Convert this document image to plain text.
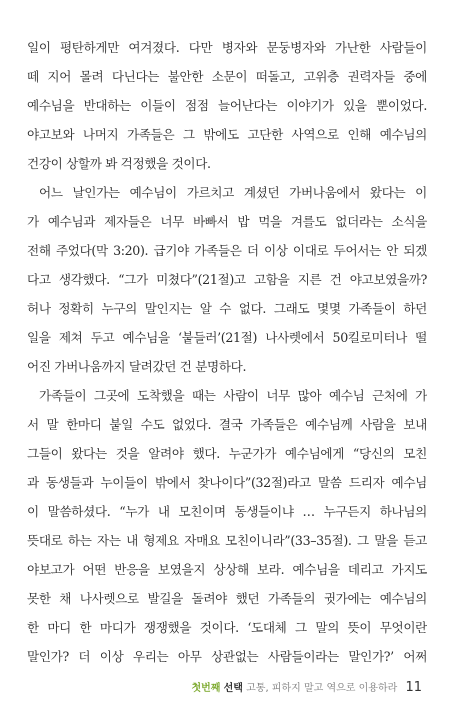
일이 평탄하게만 여겨졌다. 다만 병자와 문둥병자와 가난한 사람들이
떼 지어 몰려 다닌다는 불안한 소문이 떠돌고, 고위층 권력자들 중에
예수님을 반대하는 이들이 점점 늘어난다는 이야기가 있을 뿐이었다.
야고보와 나머지 가족들은 그 밖에도 고단한 사역으로 인해 예수님의
건강이 상할까 봐 걱정했을 것이다.
어느 날인가는 예수님이 가르치고 계셨던 가버나움에서 왔다는 이
가 예수님과 제자들은 너무 바빠서 밥 먹을 겨를도 없더라는 소식을
전해 주었다(막 3:20). 급기야 가족들은 더 이상 이대로 두어서는 안 되겠
다고 생각했다. “그가 미쳤다”(21절)고 고함을 지른 건 야고보였을까?
허나 정확히 누구의 말인지는 알 수 없다. 그래도 몇몇 가족들이 하던
일을 제쳐 두고 예수님을 ‘붙들러’(21절) 나사렛에서 50킬로미터나 떨
어진 가버나움까지 달려갔던 건 분명하다.
가족들이 그곳에 도착했을 때는 사람이 너무 많아 예수님 근처에 가
서 말 한마디 붙일 수도 없었다. 결국 가족들은 예수님께 사람을 보내
그들이 왔다는 것을 알려야 했다. 누군가가 예수님에게 “당신의 모친
과 동생들과 누이들이 밖에서 찾나이다”(32절)라고 말씀 드리자 예수님
이 말씀하셨다. “누가 내 모친이며 동생들이냐 … 누구든지 하나님의
뜻대로 하는 자는 내 형제요 자매요 모친이니라”(33–35절). 그 말을 듣고
야보고가 어떤 반응을 보였을지 상상해 보라. 예수님을 데리고 가지도
못한 채 나사렛으로 발길을 돌려야 했던 가족들의 귓가에는 예수님의
한 마디 한 마디가 쟁쟁했을 것이다. ‘도대체 그 말의 뜻이 무엇이란
말인가? 더 이상 우리는 아무 상관없는 사람들이라는 말인가?’ 어쩌
첫번째 선택 고통, 피하지 말고 역으로 이용하라 11
